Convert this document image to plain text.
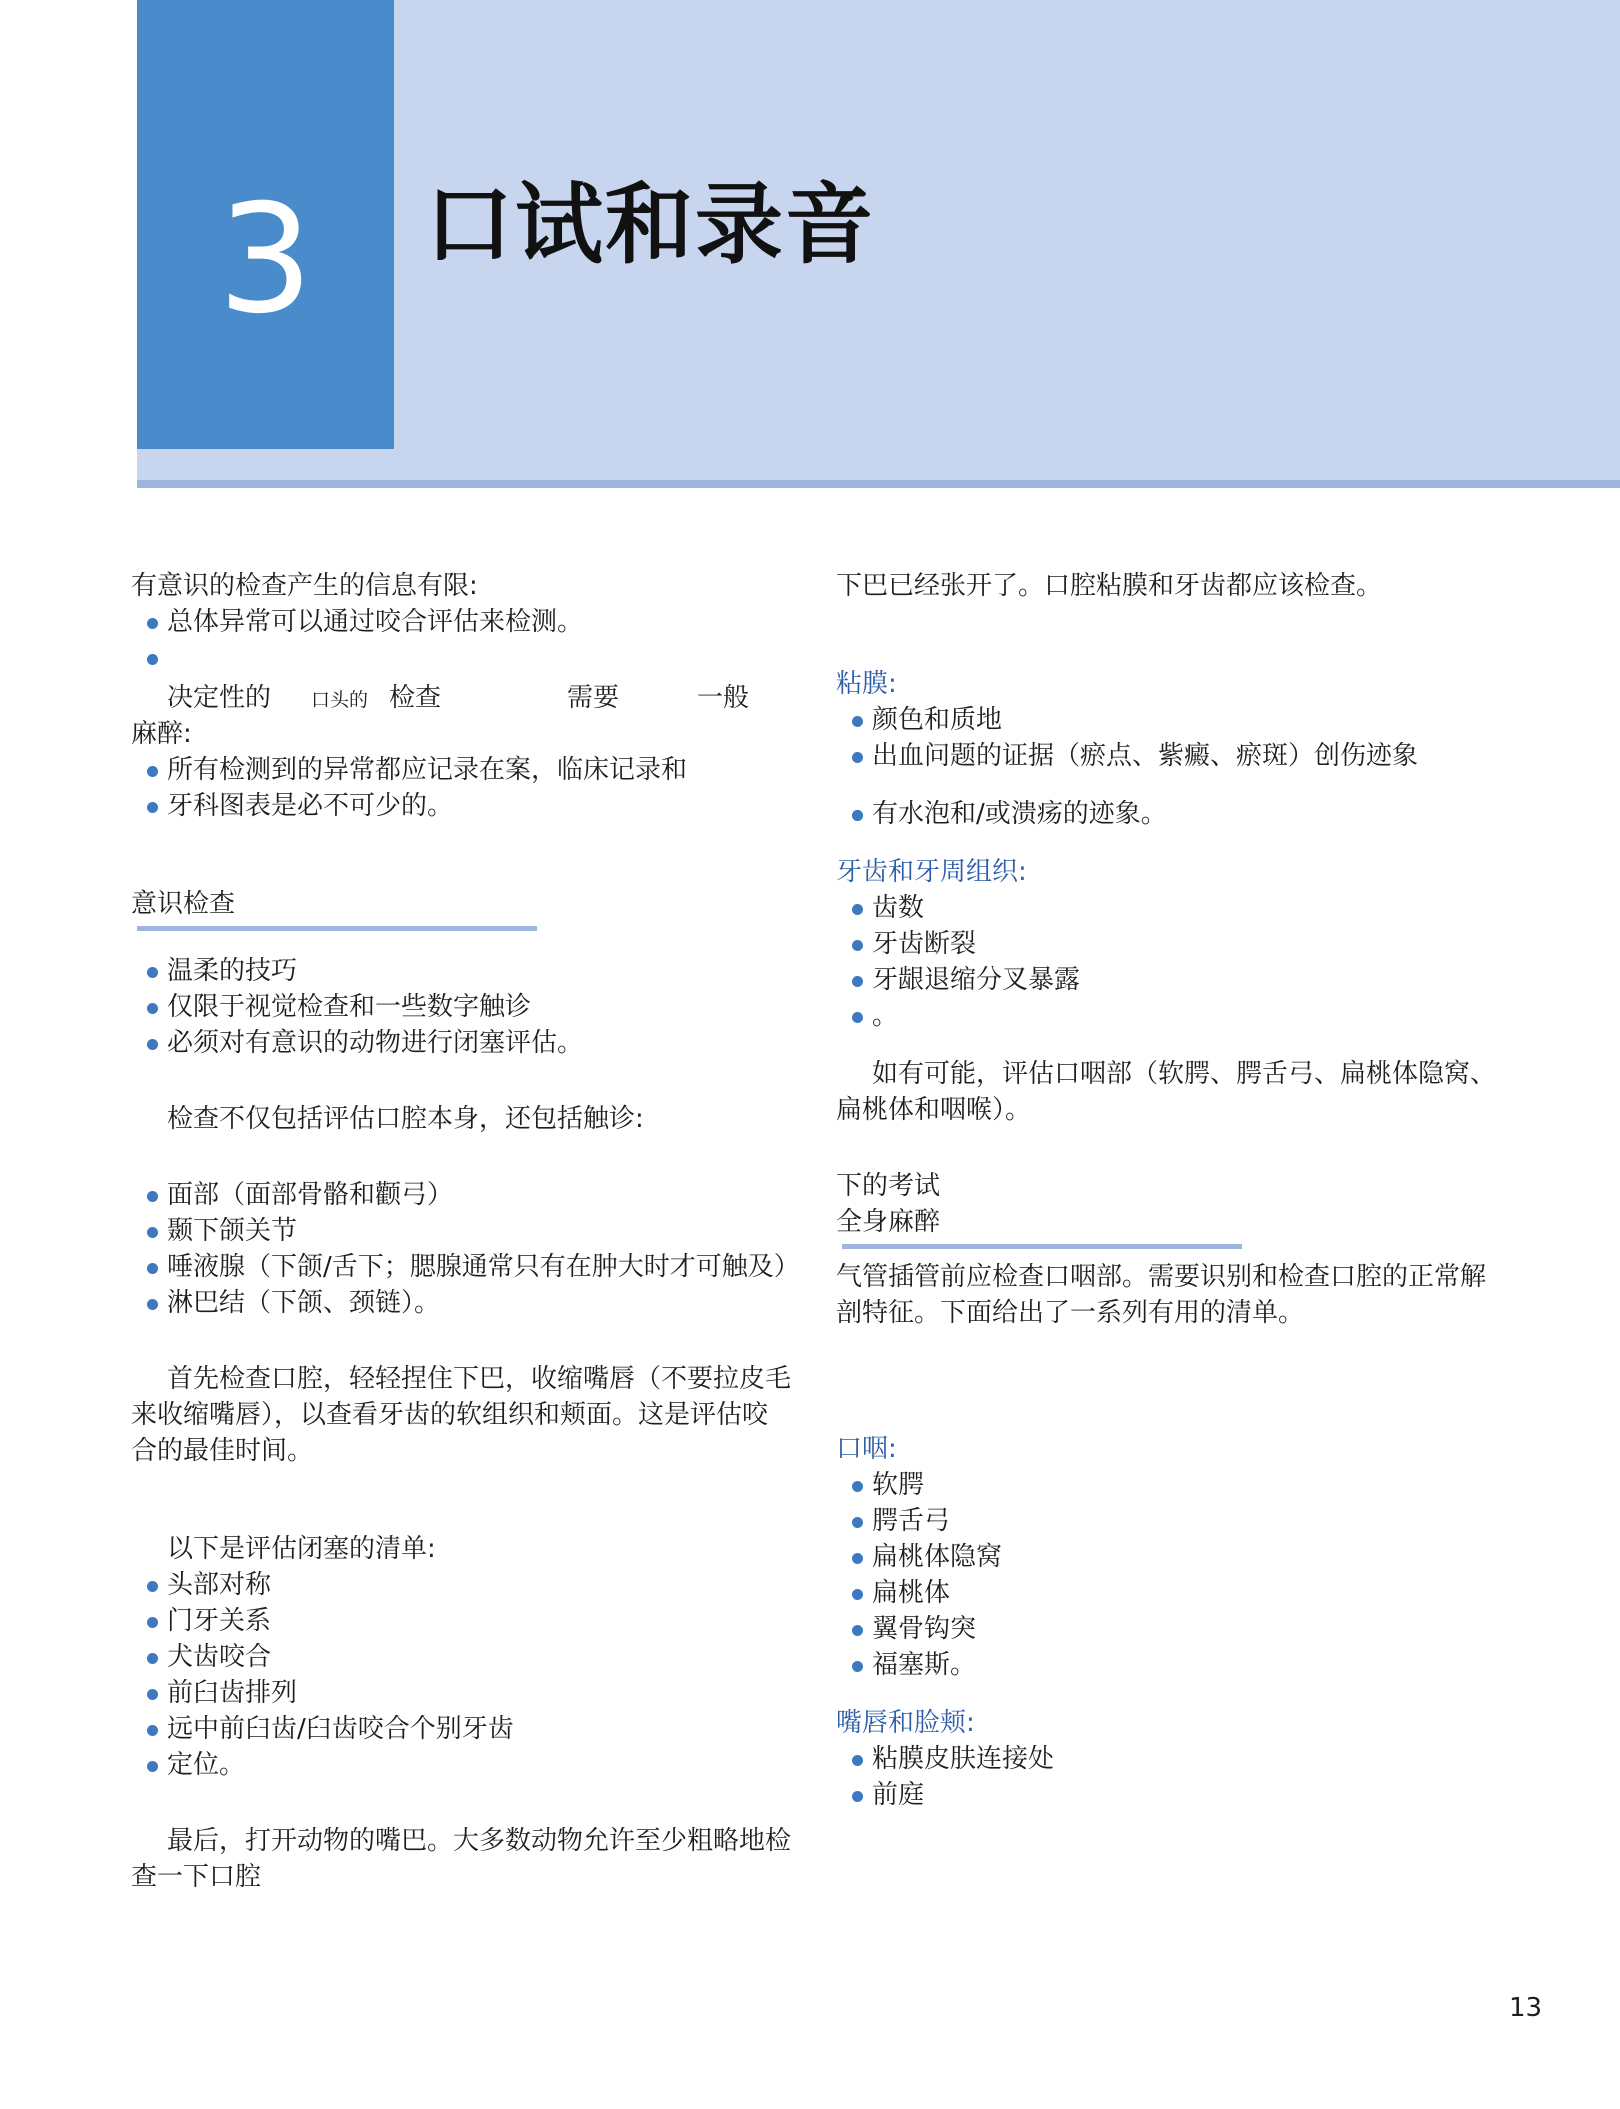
3	口试和录音

有意识的检查产生的信息有限:

总体异常可以通过咬合评估来检测。
决定性的 口头的 检查	需要	一般

麻醉:

所有检测到的异常都应记录在案，临床记录和
牙科图表是必不可少的。

意识检查

温柔的技巧
仅限于视觉检查和一些数字触诊
必须对有意识的动物进行闭塞评估。

检查不仅包括评估口腔本身，还包括触诊:

面部（面部骨骼和颧弓）
颞下颌关节
唾液腺（下颌/舌下；腮腺通常只有在肿大时才可触及）
淋巴结（下颌、颈链）。

首先检查口腔，轻轻捏住下巴，收缩嘴唇（不要拉皮毛来收缩嘴唇），以查看牙齿的软组织和颊面。这是评估咬合的最佳时间。

以下是评估闭塞的清单:

头部对称
门牙关系
犬齿咬合
前臼齿排列
远中前臼齿/臼齿咬合个别牙齿
定位。

最后，打开动物的嘴巴。大多数动物允许至少粗略地检查一下口腔

下巴已经张开了。口腔粘膜和牙齿都应该检查。

粘膜:

颜色和质地
出血问题的证据（瘀点、紫癜、瘀斑）创伤迹象
有水泡和/或溃疡的迹象。

牙齿和牙周组织:

齿数
牙齿断裂
牙龈退缩分叉暴露
。

如有可能，评估口咽部（软腭、腭舌弓、扁桃体隐窝、扁桃体和咽喉）。

下的考试

全身麻醉

气管插管前应检查口咽部。需要识别和检查口腔的正常解剖特征。下面给出了一系列有用的清单。

口咽:

软腭
腭舌弓
扁桃体隐窝
扁桃体
翼骨钩突
福塞斯。

嘴唇和脸颊:

粘膜皮肤连接处
前庭
13
